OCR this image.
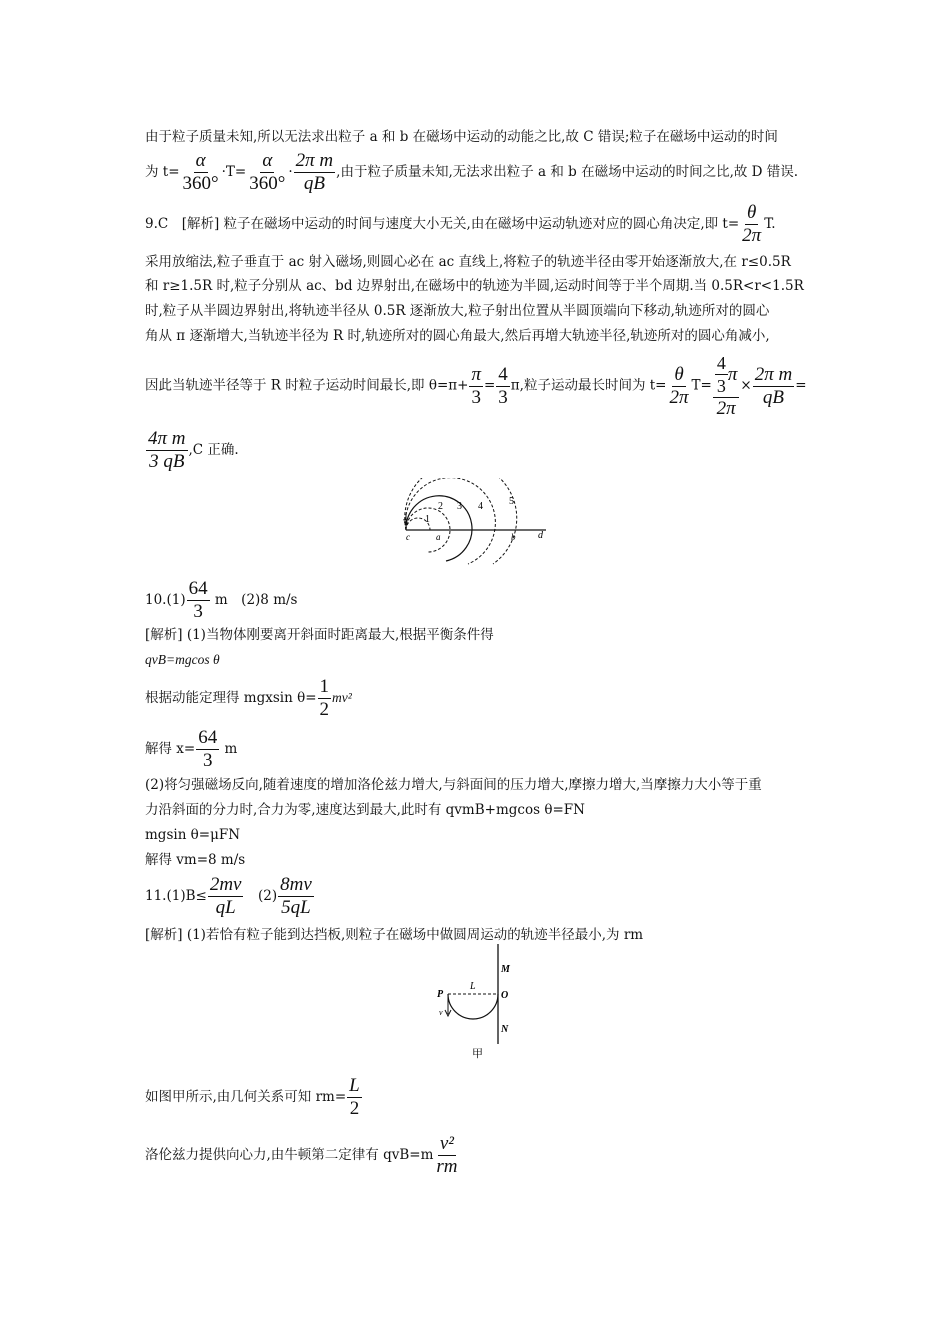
由于粒子质量未知,所以无法求出粒子 a 和 b 在磁场中运动的动能之比,故 C 错误;粒子在磁场中运动的时间
为 $t= \frac{\alpha}{360^\circ} \cdot T= \frac{\alpha}{360^\circ} \cdot \frac{\text{2π m}}{qB}$ ,由于粒子质量未知,无法求出粒子 a 和 b 在磁场中运动的时间之比,故 D 错误.
9.C　[解析] 粒子在磁场中运动的时间与速度大小无关,由在磁场中运动轨迹对应的圆心角决定,即 $t= \frac{\theta}{2\pi} T$.
采用放缩法,粒子垂直于 ac 射入磁场,则圆心必在 ac 直线上,将粒子的轨迹半径由零开始逐渐放大,在 r≤0.5R
和 r≥1.5R 时,粒子分别从 ac、bd 边界射出,在磁场中的轨迹为半圆,运动时间等于半个周期.当 0.5R<r<1.5R
时,粒子从半圆边界射出,将轨迹半径从 0.5R 逐渐放大,粒子射出位置从半圆顶端向下移动,轨迹所对的圆心
角从 π 逐渐增大,当轨迹半径为 R 时,轨迹所对的圆心角最大,然后再增大轨迹半径,轨迹所对的圆心角减小,
因此当轨迹半径等于 R 时粒子运动时间最长,即 $\theta=\pi+ \frac{\pi}{3} = \frac{4}{3} \pi$,粒子运动最长时间为 $t= \frac{\theta}{2\pi} T= \frac{\frac{4}{3} \pi}{2\pi} \times \frac{\text{2π m}}{qB}$ =
$\frac{\text{4π m}}{3 qB} ,C$ 正确.
1
2 3 4	5
c	a	b d
v
$10.(1) \frac{64}{3}$ m　(2)8 m/s
[解析] (1)当物体刚要离开斜面时距离最大,根据平衡条件得
qvB=mgcos θ
根据动能定理得 mgxsin $\theta= \frac{1}{2} mv^2$
解得 $x= \frac{64}{3}$ m
(2)将匀强磁场反向,随着速度的增加洛伦兹力增大,与斜面间的压力增大,摩擦力增大,当摩擦力大小等于重
力沿斜面的分力时,合力为零,速度达到最大,此时有 qvmB+mgcos θ=FN
mgsin θ=μFN
解得 vm=8 m/s
$11.(1)B\le \frac{2mv}{qL}$ 　$(2) \frac{8mv}{5qL}$
[解析] (1)若恰有粒子能到达挡板,则粒子在磁场中做圆周运动的轨迹半径最小,为 rm
P
L
O
M
N
v
甲
如图甲所示,由几何关系可知 $rm= \frac{L}{2}$
洛伦兹力提供向心力,由牛顿第二定律有 $qvB=m \frac{\text{v²}}{rm}$
